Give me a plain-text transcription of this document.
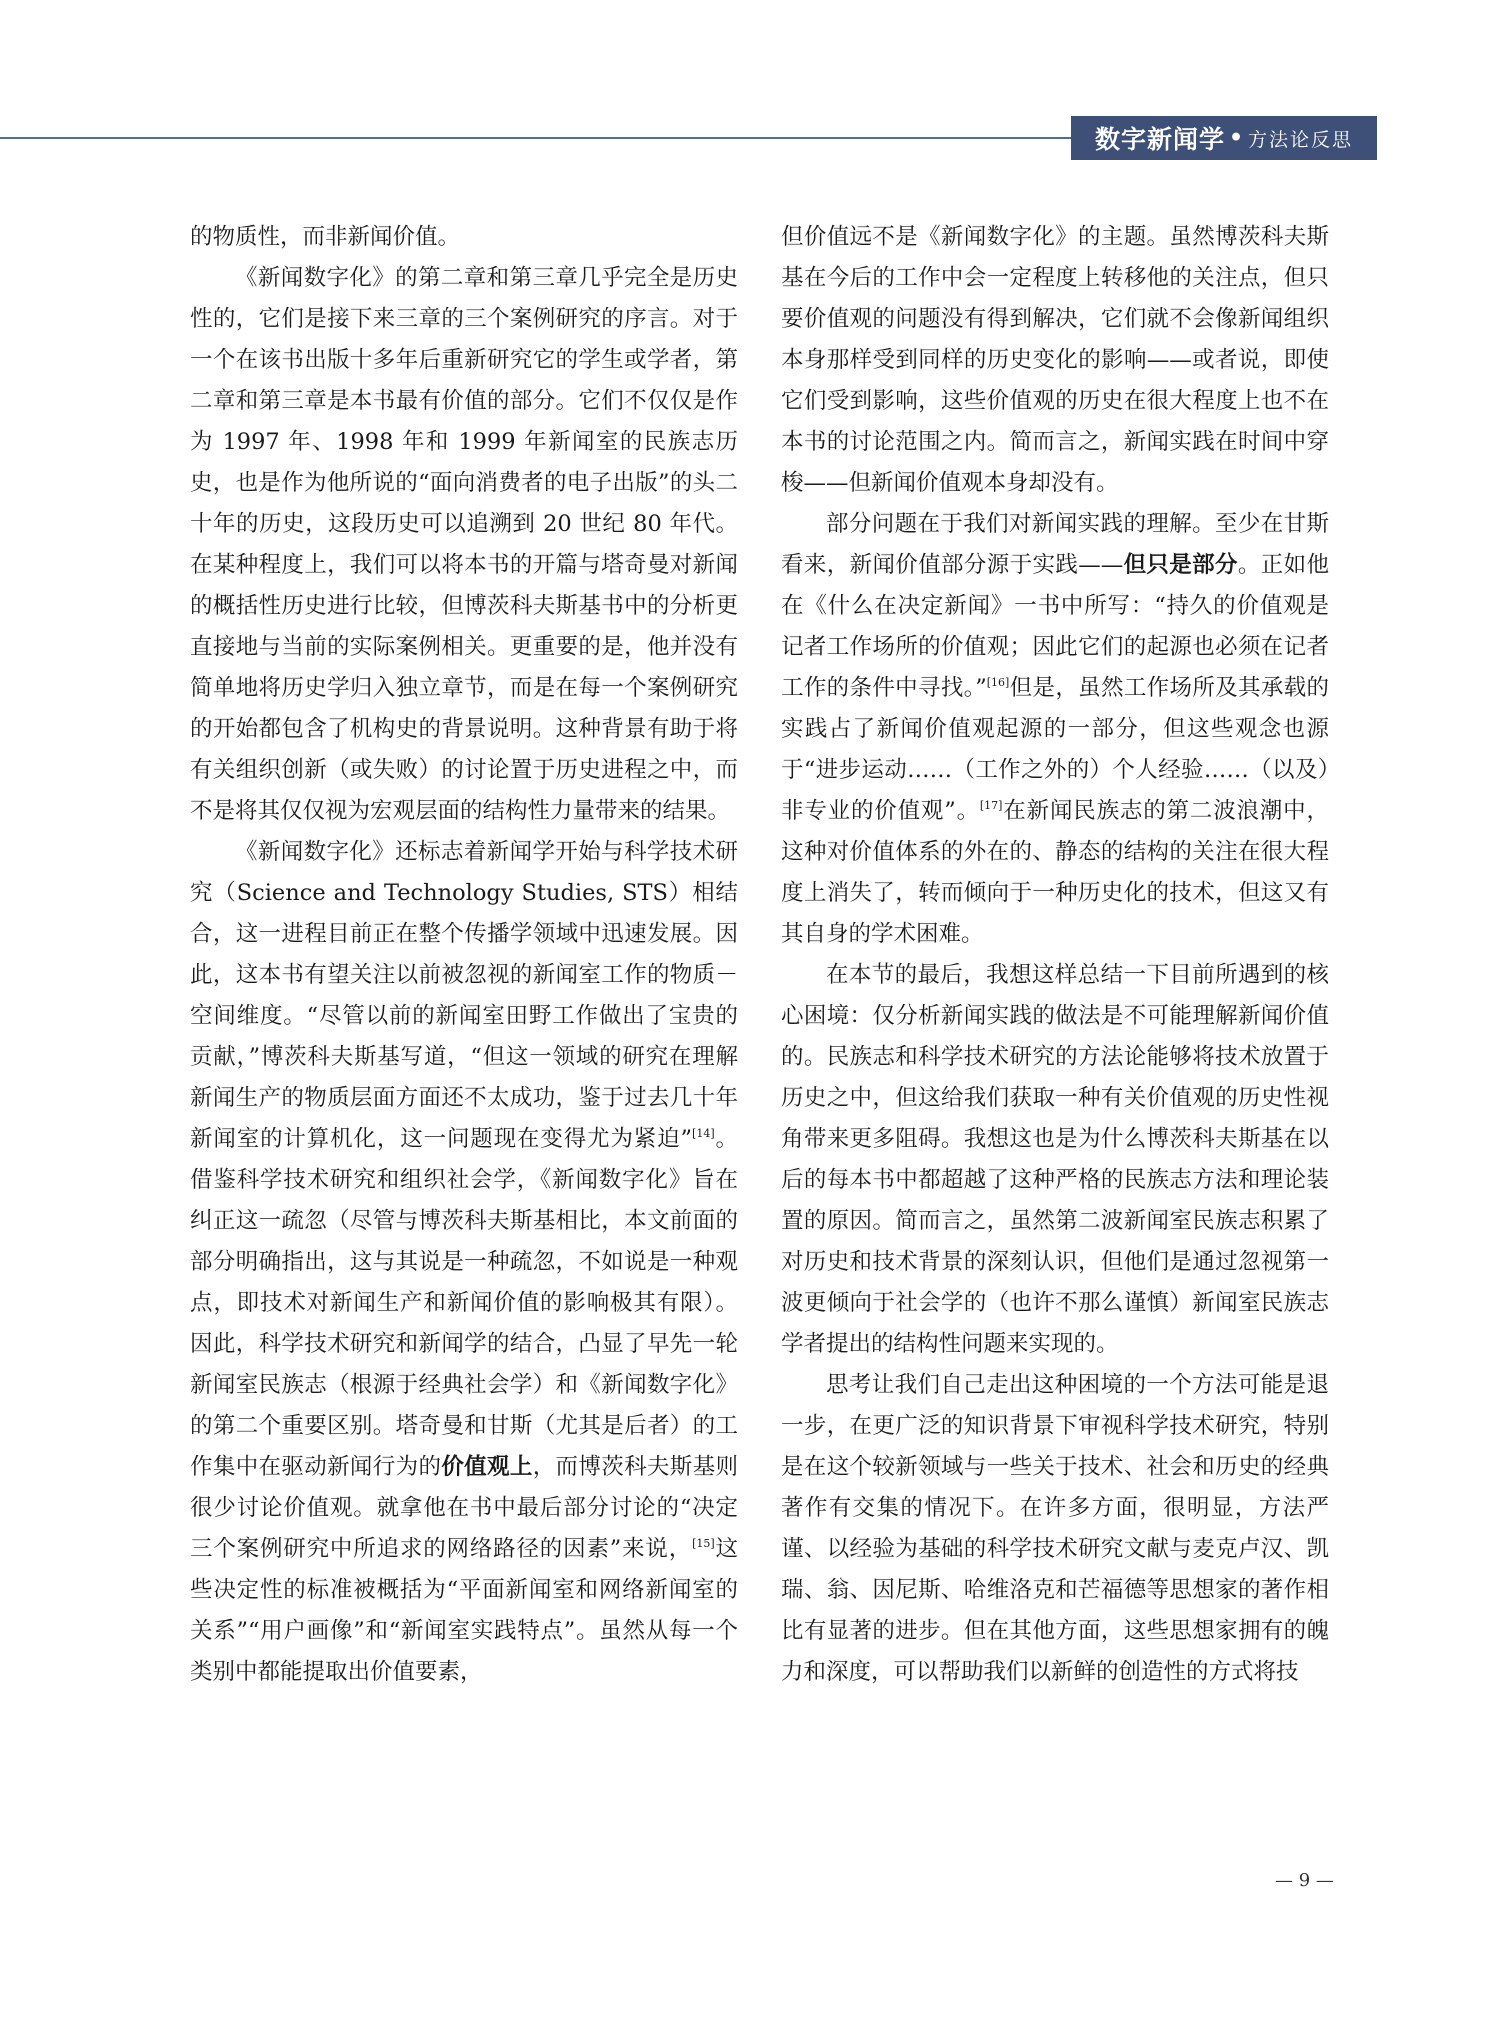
数字新闻学 • 方法论反思

的物质性，而非新闻价值。

《新闻数字化》的第二章和第三章几乎完全是历史性的，它们是接下来三章的三个案例研究的序言。对于一个在该书出版十多年后重新研究它的学生或学者，第二章和第三章是本书最有价值的部分。它们不仅仅是作为 1997 年、1998 年和 1999 年新闻室的民族志历史，也是作为他所说的“面向消费者的电子出版”的头二十年的历史，这段历史可以追溯到 20 世纪 80 年代。在某种程度上，我们可以将本书的开篇与塔奇曼对新闻的概括性历史进行比较，但博茨科夫斯基书中的分析更直接地与当前的实际案例相关。更重要的是，他并没有简单地将历史学归入独立章节，而是在每一个案例研究的开始都包含了机构史的背景说明。这种背景有助于将有关组织创新（或失败）的讨论置于历史进程之中，而不是将其仅仅视为宏观层面的结构性力量带来的结果。

《新闻数字化》还标志着新闻学开始与科学技术研究（Science and Technology Studies, STS）相结合，这一进程目前正在整个传播学领域中迅速发展。因此，这本书有望关注以前被忽视的新闻室工作的物质－空间维度。“尽管以前的新闻室田野工作做出了宝贵的贡献，”博茨科夫斯基写道，“但这一领域的研究在理解新闻生产的物质层面方面还不太成功，鉴于过去几十年新闻室的计算机化，这一问题现在变得尤为紧迫”[14]。借鉴科学技术研究和组织社会学，《新闻数字化》旨在纠正这一疏忽（尽管与博茨科夫斯基相比，本文前面的部分明确指出，这与其说是一种疏忽，不如说是一种观点，即技术对新闻生产和新闻价值的影响极其有限）。因此，科学技术研究和新闻学的结合，凸显了早先一轮新闻室民族志（根源于经典社会学）和《新闻数字化》的第二个重要区别。塔奇曼和甘斯（尤其是后者）的工作集中在驱动新闻行为的价值观上，而博茨科夫斯基则很少讨论价值观。就拿他在书中最后部分讨论的“决定三个案例研究中所追求的网络路径的因素”来说，[15]这些决定性的标准被概括为“平面新闻室和网络新闻室的关系”“用户画像”和“新闻室实践特点”。虽然从每一个类别中都能提取出价值要素，

但价值远不是《新闻数字化》的主题。虽然博茨科夫斯基在今后的工作中会一定程度上转移他的关注点，但只要价值观的问题没有得到解决，它们就不会像新闻组织本身那样受到同样的历史变化的影响——或者说，即使它们受到影响，这些价值观的历史在很大程度上也不在本书的讨论范围之内。简而言之，新闻实践在时间中穿梭——但新闻价值观本身却没有。

部分问题在于我们对新闻实践的理解。至少在甘斯看来，新闻价值部分源于实践——但只是部分。正如他在《什么在决定新闻》一书中所写：“持久的价值观是记者工作场所的价值观；因此它们的起源也必须在记者工作的条件中寻找。”[16]但是，虽然工作场所及其承载的实践占了新闻价值观起源的一部分，但这些观念也源于“进步运动……（工作之外的）个人经验……（以及）非专业的价值观”。[17]在新闻民族志的第二波浪潮中，这种对价值体系的外在的、静态的结构的关注在很大程度上消失了，转而倾向于一种历史化的技术，但这又有其自身的学术困难。

在本节的最后，我想这样总结一下目前所遇到的核心困境：仅分析新闻实践的做法是不可能理解新闻价值的。民族志和科学技术研究的方法论能够将技术放置于历史之中，但这给我们获取一种有关价值观的历史性视角带来更多阻碍。我想这也是为什么博茨科夫斯基在以后的每本书中都超越了这种严格的民族志方法和理论装置的原因。简而言之，虽然第二波新闻室民族志积累了对历史和技术背景的深刻认识，但他们是通过忽视第一波更倾向于社会学的（也许不那么谨慎）新闻室民族志学者提出的结构性问题来实现的。

思考让我们自己走出这种困境的一个方法可能是退一步，在更广泛的知识背景下审视科学技术研究，特别是在这个较新领域与一些关于技术、社会和历史的经典著作有交集的情况下。在许多方面，很明显，方法严谨、以经验为基础的科学技术研究文献与麦克卢汉、凯瑞、翁、因尼斯、哈维洛克和芒福德等思想家的著作相比有显著的进步。但在其他方面，这些思想家拥有的魄力和深度，可以帮助我们以新鲜的创造性的方式将技

— 9 —
